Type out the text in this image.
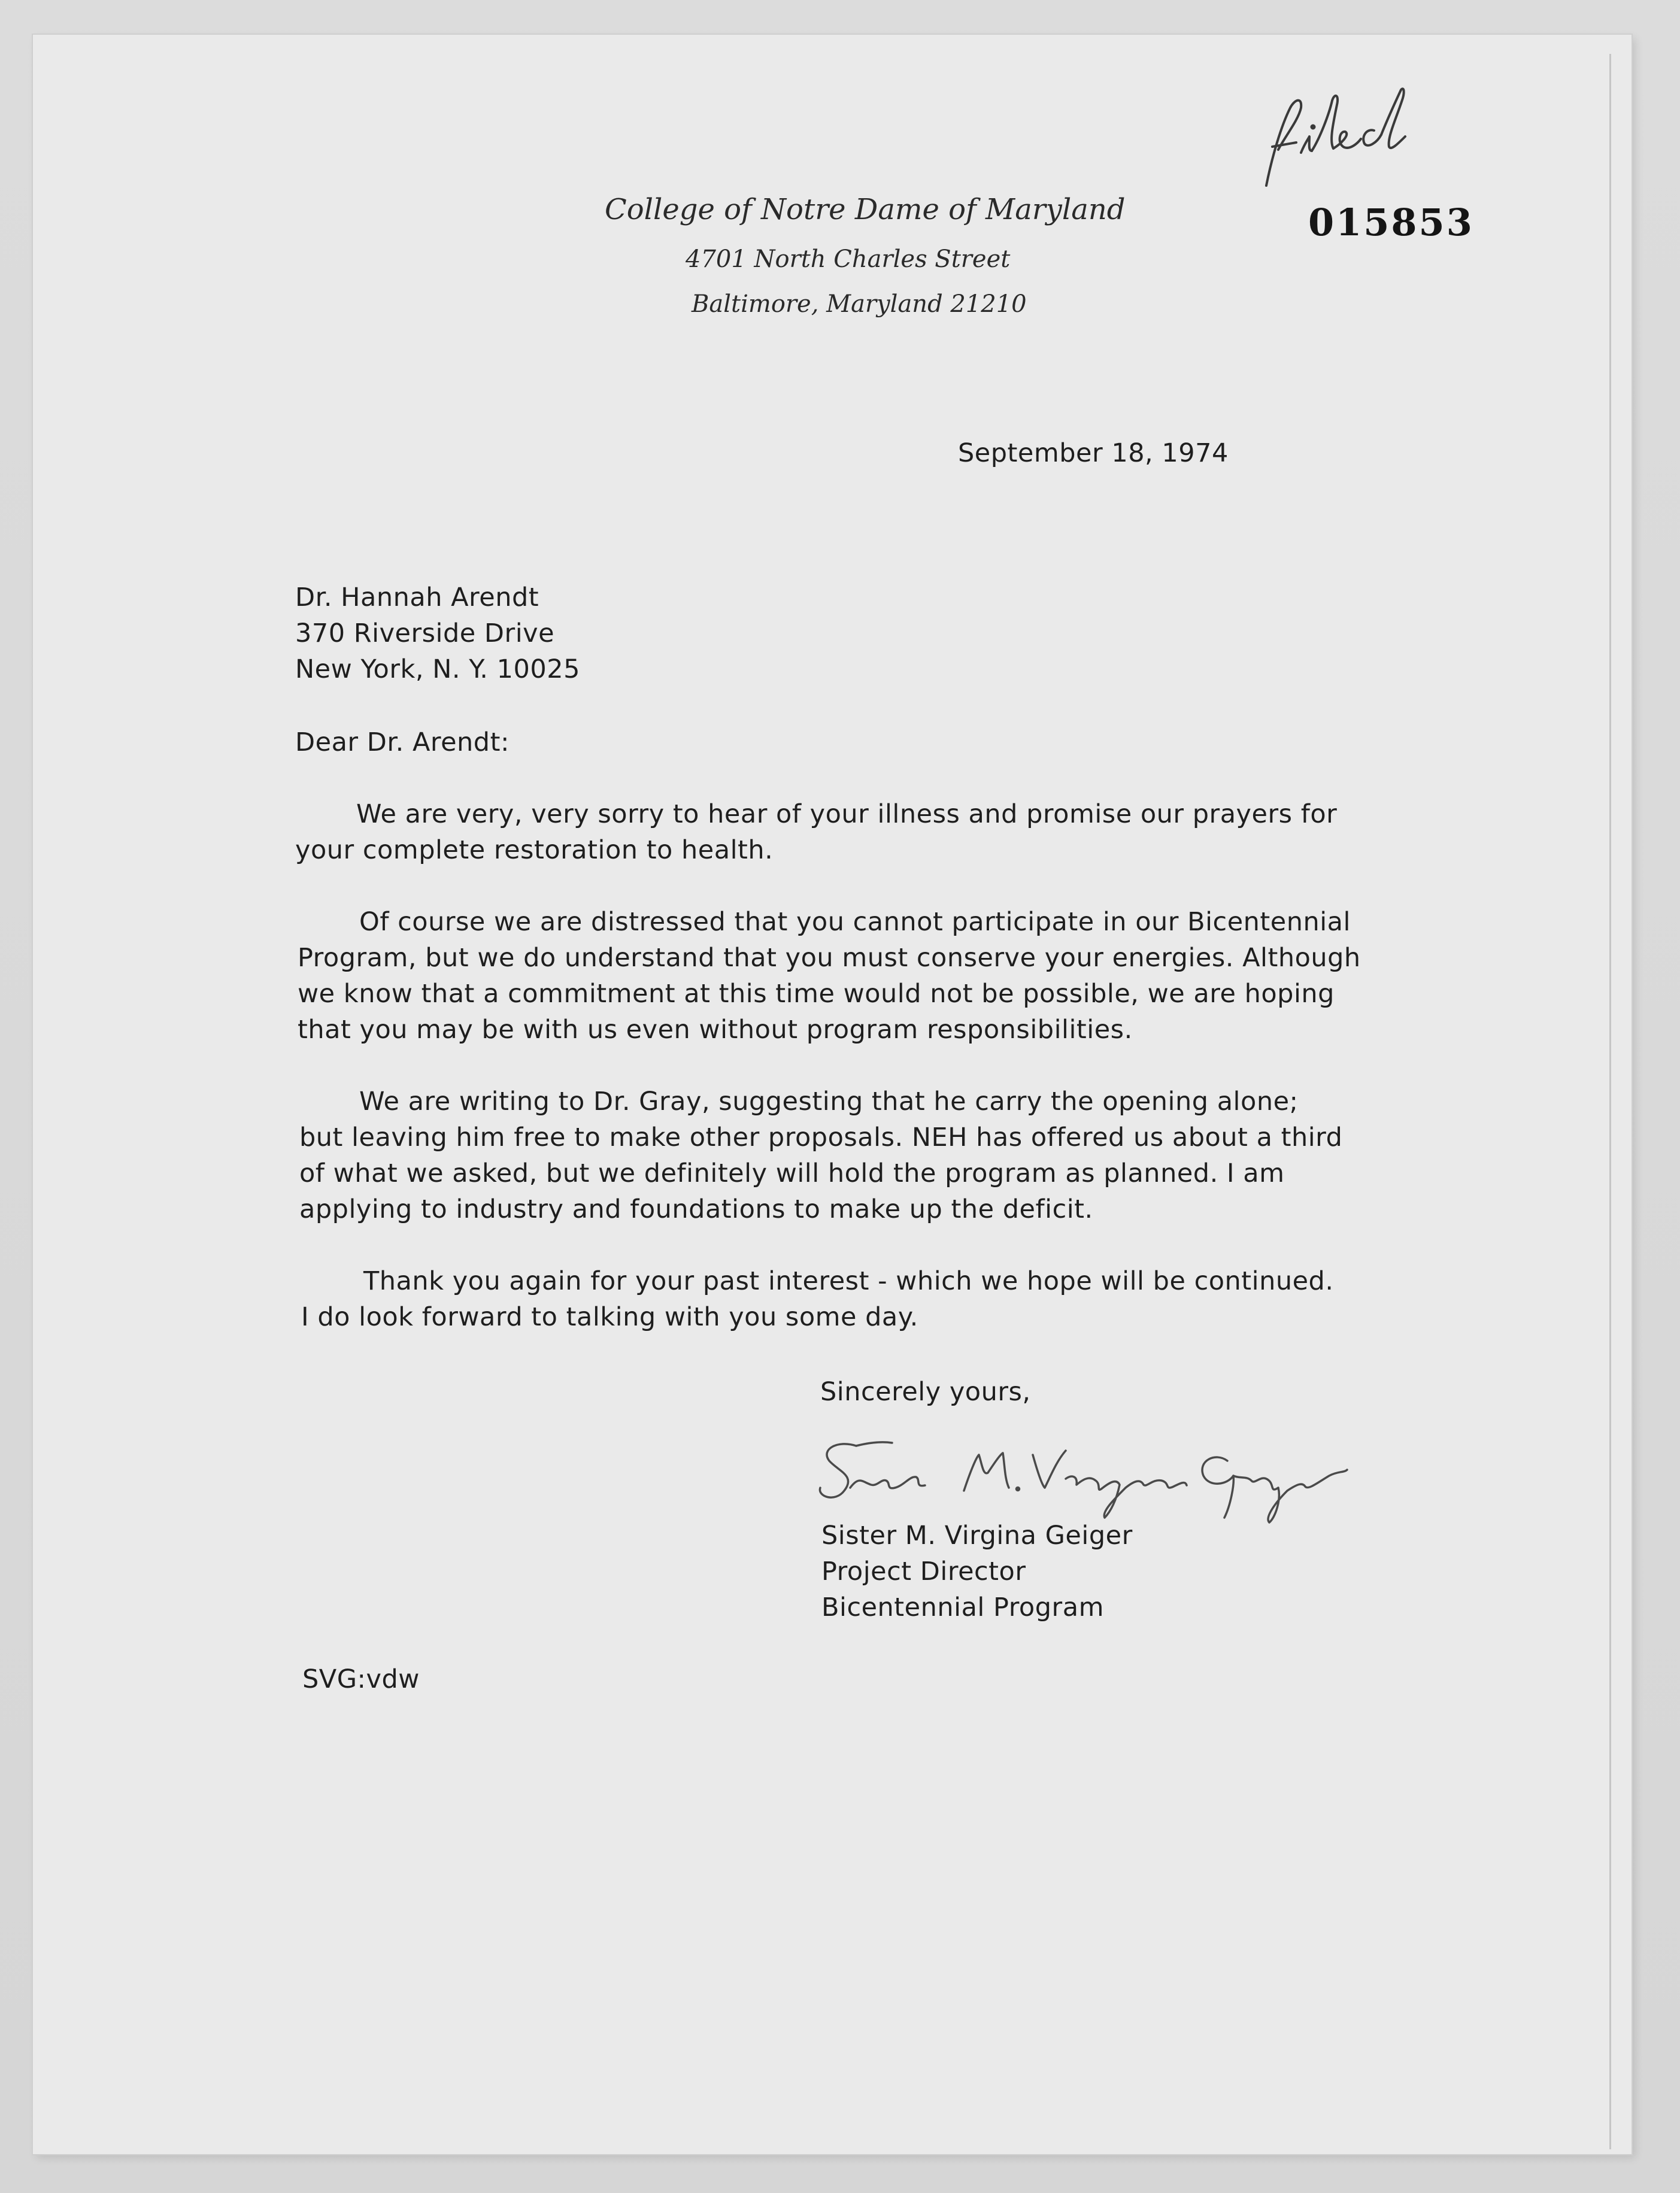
filed
015853
College of Notre Dame of Maryland
4701 North Charles Street
Baltimore, Maryland 21210
September 18, 1974
Dr. Hannah Arendt
370 Riverside Drive
New York, N. Y. 10025
Dear Dr. Arendt:
We are very, very sorry to hear of your illness and promise our prayers for
your complete restoration to health.
Of course we are distressed that you cannot participate in our Bicentennial
Program, but we do understand that you must conserve your energies. Although
we know that a commitment at this time would not be possible, we are hoping
that you may be with us even without program responsibilities.
We are writing to Dr. Gray, suggesting that he carry the opening alone;
but leaving him free to make other proposals. NEH has offered us about a third
of what we asked, but we definitely will hold the program as planned. I am
applying to industry and foundations to make up the deficit.
Thank you again for your past interest - which we hope will be continued.
I do look forward to talking with you some day.
Sincerely yours,
Sister M. Virgina Geiger
Sister M. Virgina Geiger
Project Director
Bicentennial Program
SVG:vdw
